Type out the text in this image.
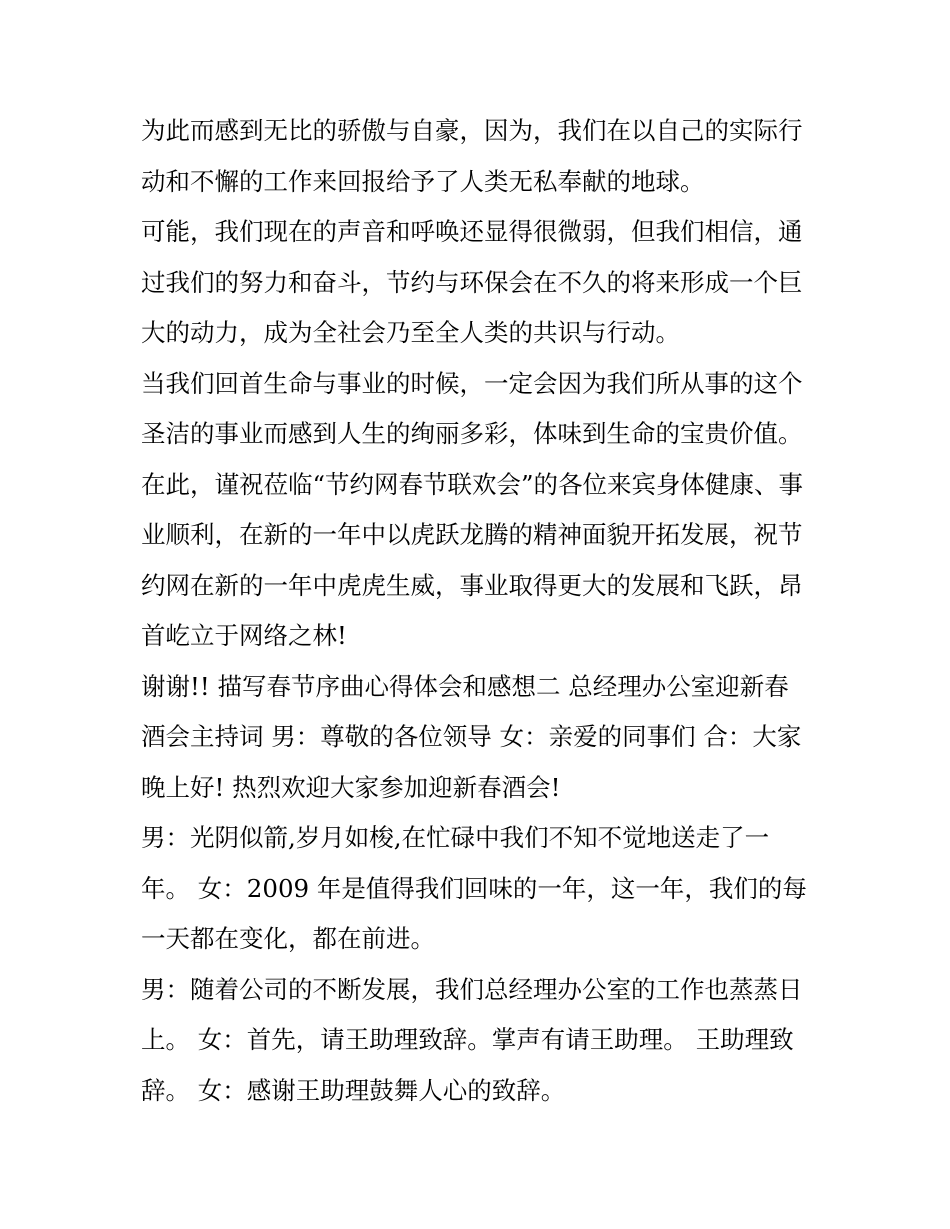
为此而感到无比的骄傲与自豪，因为，我们在以自己的实际行
动和不懈的工作来回报给予了人类无私奉献的地球。
可能，我们现在的声音和呼唤还显得很微弱，但我们相信，通
过我们的努力和奋斗，节约与环保会在不久的将来形成一个巨
大的动力，成为全社会乃至全人类的共识与行动。
当我们回首生命与事业的时候，一定会因为我们所从事的这个
圣洁的事业而感到人生的绚丽多彩，体味到生命的宝贵价值。
在此，谨祝莅临“节约网春节联欢会”的各位来宾身体健康、事
业顺利，在新的一年中以虎跃龙腾的精神面貌开拓发展，祝节
约网在新的一年中虎虎生威，事业取得更大的发展和飞跃，昂
首屹立于网络之林!
谢谢!! 描写春节序曲心得体会和感想二 总经理办公室迎新春
酒会主持词 男：尊敬的各位领导 女：亲爱的同事们 合：大家
晚上好! 热烈欢迎大家参加迎新春酒会!
男：光阴似箭,岁月如梭,在忙碌中我们不知不觉地送走了一
年。 女：2009 年是值得我们回味的一年，这一年，我们的每
一天都在变化，都在前进。
男：随着公司的不断发展，我们总经理办公室的工作也蒸蒸日
上。 女：首先，请王助理致辞。掌声有请王助理。 王助理致
辞。 女：感谢王助理鼓舞人心的致辞。
